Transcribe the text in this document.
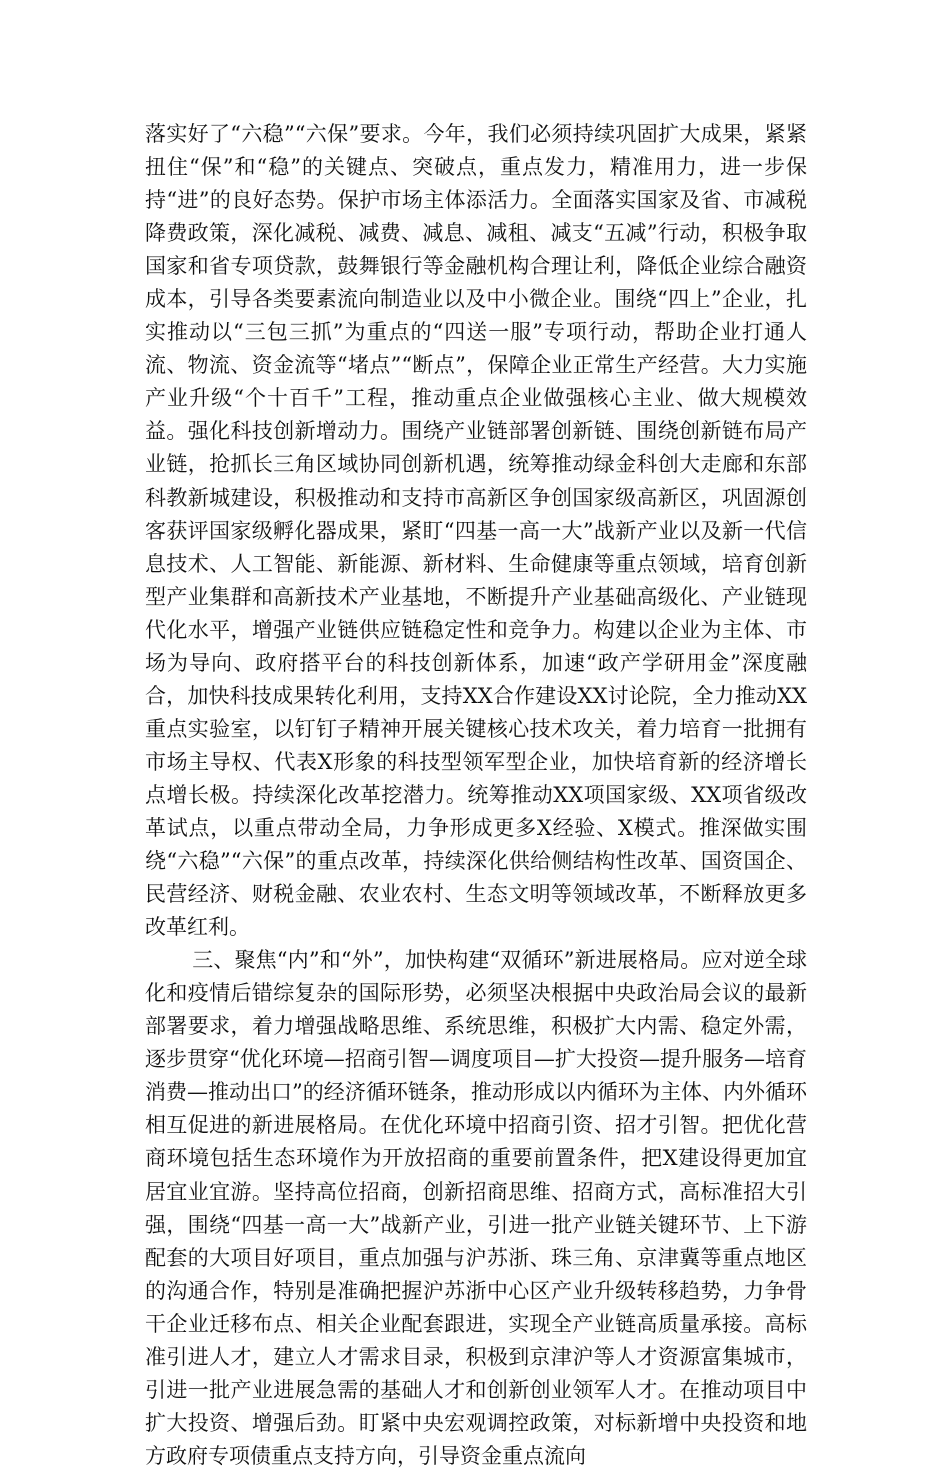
落实好了“六稳”“六保”要求。今年，我们必须持续巩固扩大成果，紧紧扭住“保”和“稳”的关键点、突破点，重点发力，精准用力，进一步保持“进”的良好态势。保护市场主体添活力。全面落实国家及省、市减税降费政策，深化减税、减费、减息、减租、减支“五减”行动，积极争取国家和省专项贷款，鼓舞银行等金融机构合理让利，降低企业综合融资成本，引导各类要素流向制造业以及中小微企业。围绕“四上”企业，扎实推动以“三包三抓”为重点的“四送一服”专项行动，帮助企业打通人流、物流、资金流等“堵点”“断点”，保障企业正常生产经营。大力实施产业升级“个十百千”工程，推动重点企业做强核心主业、做大规模效益。强化科技创新增动力。围绕产业链部署创新链、围绕创新链布局产业链，抢抓长三角区域协同创新机遇，统筹推动绿金科创大走廊和东部科教新城建设，积极推动和支持市高新区争创国家级高新区，巩固源创客获评国家级孵化器成果，紧盯“四基一高一大”战新产业以及新一代信息技术、人工智能、新能源、新材料、生命健康等重点领域，培育创新型产业集群和高新技术产业基地，不断提升产业基础高级化、产业链现代化水平，增强产业链供应链稳定性和竞争力。构建以企业为主体、市场为导向、政府搭平台的科技创新体系，加速“政产学研用金”深度融合，加快科技成果转化利用，支持XX合作建设XX讨论院，全力推动XX重点实验室，以钉钉子精神开展关键核心技术攻关，着力培育一批拥有市场主导权、代表X形象的科技型领军型企业，加快培育新的经济增长点增长极。持续深化改革挖潜力。统筹推动XX项国家级、XX项省级改革试点，以重点带动全局，力争形成更多X经验、X模式。推深做实围绕“六稳”“六保”的重点改革，持续深化供给侧结构性改革、国资国企、民营经济、财税金融、农业农村、生态文明等领域改革，不断释放更多改革红利。

三、聚焦“内”和“外”，加快构建“双循环”新进展格局。应对逆全球化和疫情后错综复杂的国际形势，必须坚决根据中央政治局会议的最新部署要求，着力增强战略思维、系统思维，积极扩大内需、稳定外需，逐步贯穿“优化环境—招商引智—调度项目—扩大投资—提升服务—培育消费—推动出口”的经济循环链条，推动形成以内循环为主体、内外循环相互促进的新进展格局。在优化环境中招商引资、招才引智。把优化营商环境包括生态环境作为开放招商的重要前置条件，把X建设得更加宜居宜业宜游。坚持高位招商，创新招商思维、招商方式，高标准招大引强，围绕“四基一高一大”战新产业，引进一批产业链关键环节、上下游配套的大项目好项目，重点加强与沪苏浙、珠三角、京津冀等重点地区的沟通合作，特别是准确把握沪苏浙中心区产业升级转移趋势，力争骨干企业迁移布点、相关企业配套跟进，实现全产业链高质量承接。高标准引进人才，建立人才需求目录，积极到京津沪等人才资源富集城市，引进一批产业进展急需的基础人才和创新创业领军人才。在推动项目中扩大投资、增强后劲。盯紧中央宏观调控政策，对标新增中央投资和地方政府专项债重点支持方向，引导资金重点流向
